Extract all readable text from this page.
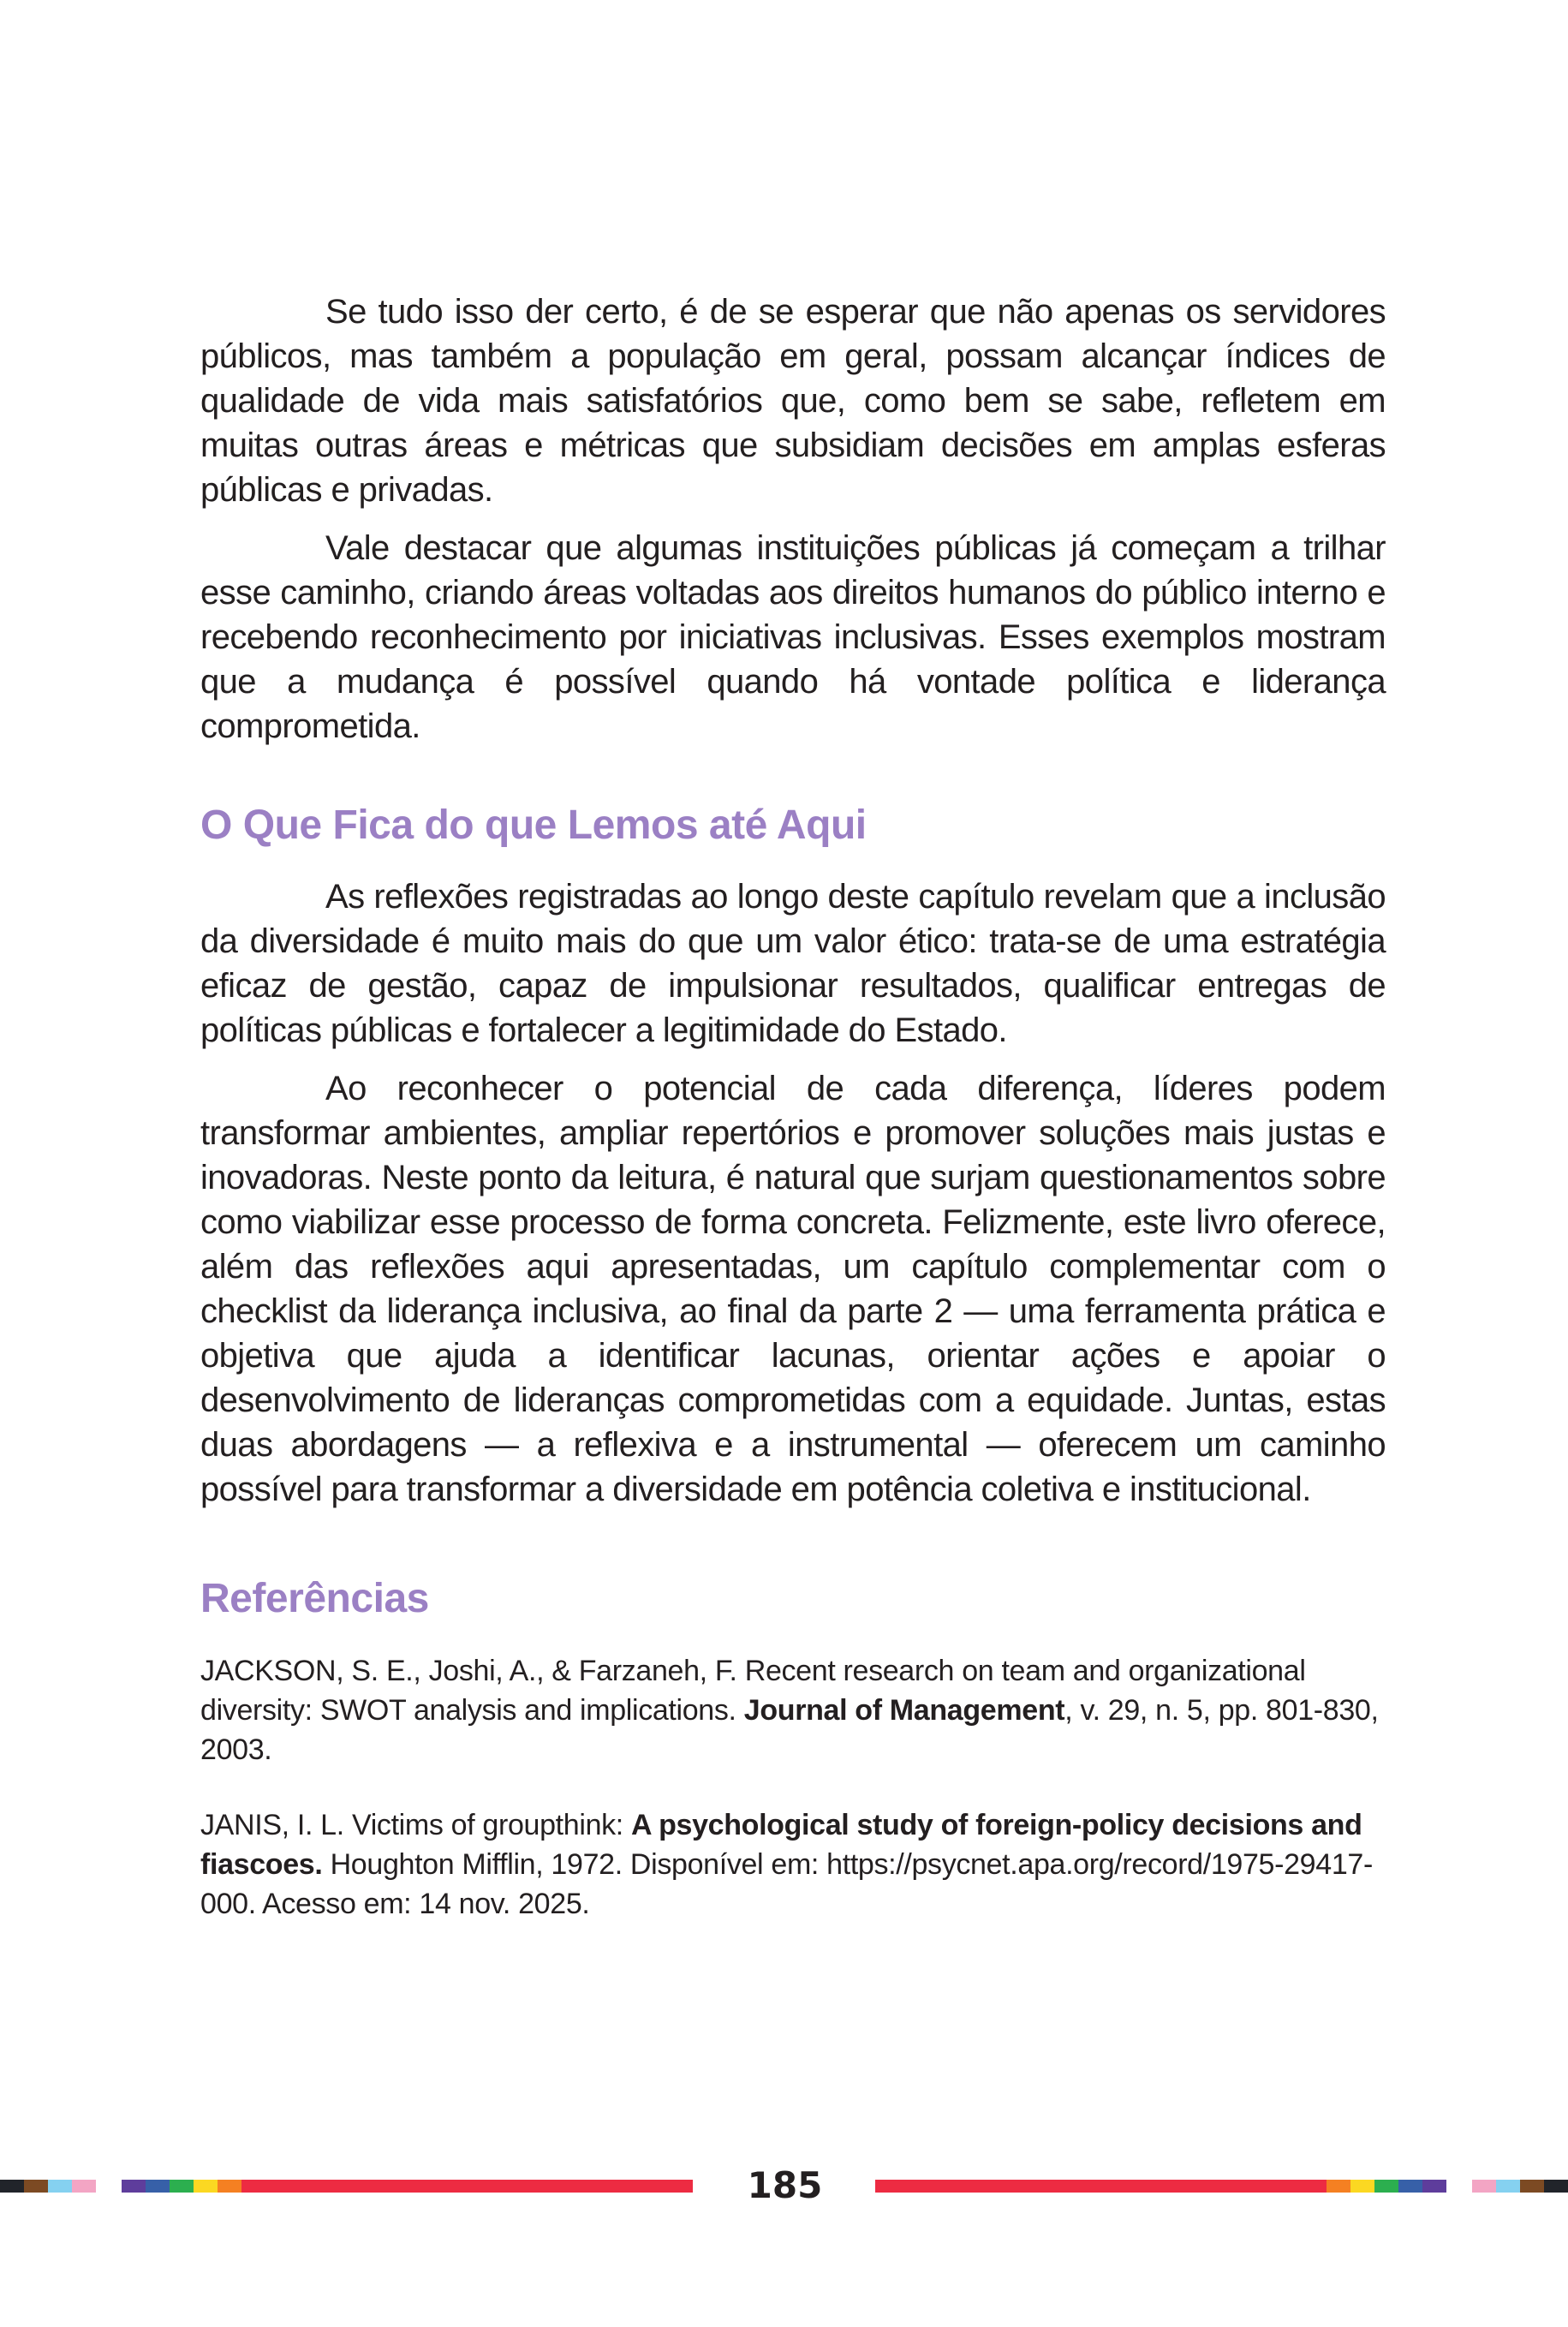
Se tudo isso der certo, é de se esperar que não apenas os servidores públicos, mas também a população em geral, possam alcançar índices de qualidade de vida mais satisfatórios que, como bem se sabe, refletem em muitas outras áreas e métricas que subsidiam decisões em amplas esferas públicas e privadas.

Vale destacar que algumas instituições públicas já começam a trilhar esse caminho, criando áreas voltadas aos direitos humanos do público interno e recebendo reconhecimento por iniciativas inclusivas. Esses exemplos mostram que a mudança é possível quando há vontade política e liderança comprometida.

O Que Fica do que Lemos até Aqui

As reflexões registradas ao longo deste capítulo revelam que a inclusão da diversidade é muito mais do que um valor ético: trata-se de uma estratégia eficaz de gestão, capaz de impulsionar resultados, qualificar entregas de políticas públicas e fortalecer a legitimidade do Estado.

Ao reconhecer o potencial de cada diferença, líderes podem transformar ambientes, ampliar repertórios e promover soluções mais justas e inovadoras. Neste ponto da leitura, é natural que surjam questionamentos sobre como viabilizar esse processo de forma concreta. Felizmente, este livro oferece, além das reflexões aqui apresentadas, um capítulo complementar com o checklist da liderança inclusiva, ao final da parte 2 — uma ferramenta prática e objetiva que ajuda a identificar lacunas, orientar ações e apoiar o desenvolvimento de lideranças comprometidas com a equidade. Juntas, estas duas abordagens — a reflexiva e a instrumental — oferecem um caminho possível para transformar a diversidade em potência coletiva e institucional.

Referências

JACKSON, S. E., Joshi, A., & Farzaneh, F. Recent research on team and organizational diversity: SWOT analysis and implications. Journal of Management, v. 29, n. 5, pp. 801-830, 2003.

JANIS, I. L. Victims of groupthink: A psychological study of foreign-policy decisions and fiascoes. Houghton Mifflin, 1972. Disponível em: https://psycnet.apa.org/record/1975-29417-000. Acesso em: 14 nov. 2025.

185
